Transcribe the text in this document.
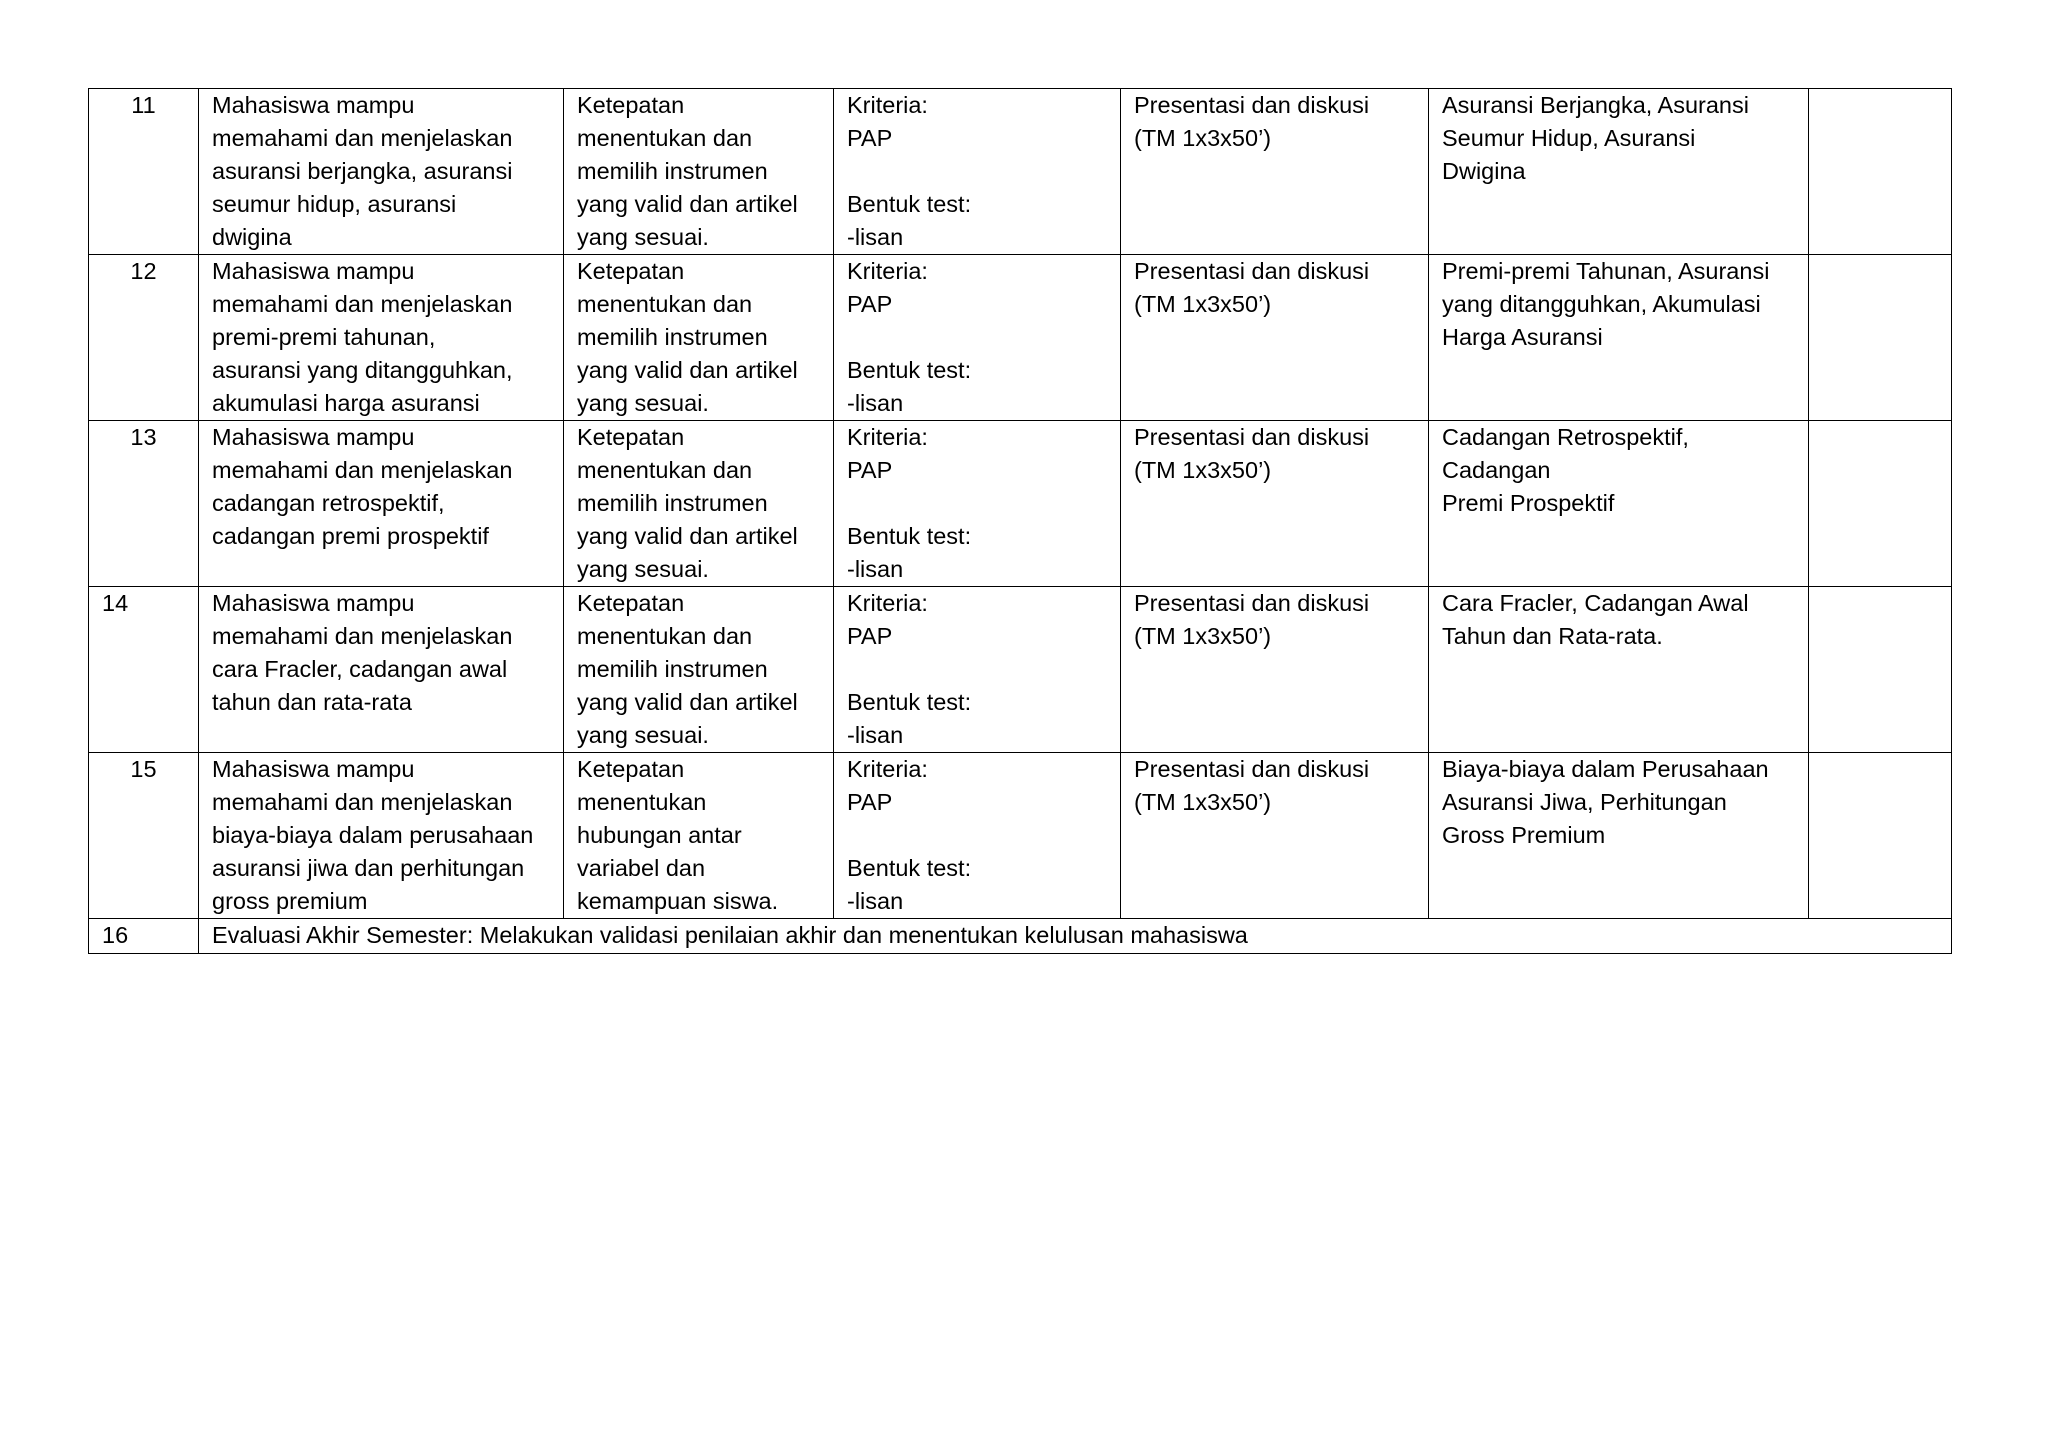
11	Mahasiswa mampu
memahami dan menjelaskan
asuransi berjangka, asuransi
seumur hidup, asuransi
dwigina	Ketepatan
menentukan dan
memilih instrumen
yang valid dan artikel
yang sesuai.	Kriteria:
PAP
Bentuk test:
-lisan	Presentasi dan diskusi
(TM 1x3x50’)	Asuransi Berjangka, Asuransi
Seumur Hidup, Asuransi
Dwigina	

12	Mahasiswa mampu
memahami dan menjelaskan
premi-premi tahunan,
asuransi yang ditangguhkan,
akumulasi harga asuransi	Ketepatan
menentukan dan
memilih instrumen
yang valid dan artikel
yang sesuai.	Kriteria:
PAP
Bentuk test:
-lisan	Presentasi dan diskusi
(TM 1x3x50’)	Premi-premi Tahunan, Asuransi
yang ditangguhkan, Akumulasi
Harga Asuransi	

13	Mahasiswa mampu
memahami dan menjelaskan
cadangan retrospektif,
cadangan premi prospektif	Ketepatan
menentukan dan
memilih instrumen
yang valid dan artikel
yang sesuai.	Kriteria:
PAP
Bentuk test:
-lisan	Presentasi dan diskusi
(TM 1x3x50’)	Cadangan Retrospektif,
Cadangan
Premi Prospektif	

14	Mahasiswa mampu
memahami dan menjelaskan
cara Fracler, cadangan awal
tahun dan rata-rata	Ketepatan
menentukan dan
memilih instrumen
yang valid dan artikel
yang sesuai.	Kriteria:
PAP
Bentuk test:
-lisan	Presentasi dan diskusi
(TM 1x3x50’)	Cara Fracler, Cadangan Awal
Tahun dan Rata-rata.	

15	Mahasiswa mampu
memahami dan menjelaskan
biaya-biaya dalam perusahaan
asuransi jiwa dan perhitungan
gross premium	Ketepatan
menentukan
hubungan antar
variabel dan
kemampuan siswa.	Kriteria:
PAP
Bentuk test:
-lisan	Presentasi dan diskusi
(TM 1x3x50’)	Biaya-biaya dalam Perusahaan
Asuransi Jiwa, Perhitungan
Gross Premium	

16	Evaluasi Akhir Semester: Melakukan validasi penilaian akhir dan menentukan kelulusan mahasiswa					
